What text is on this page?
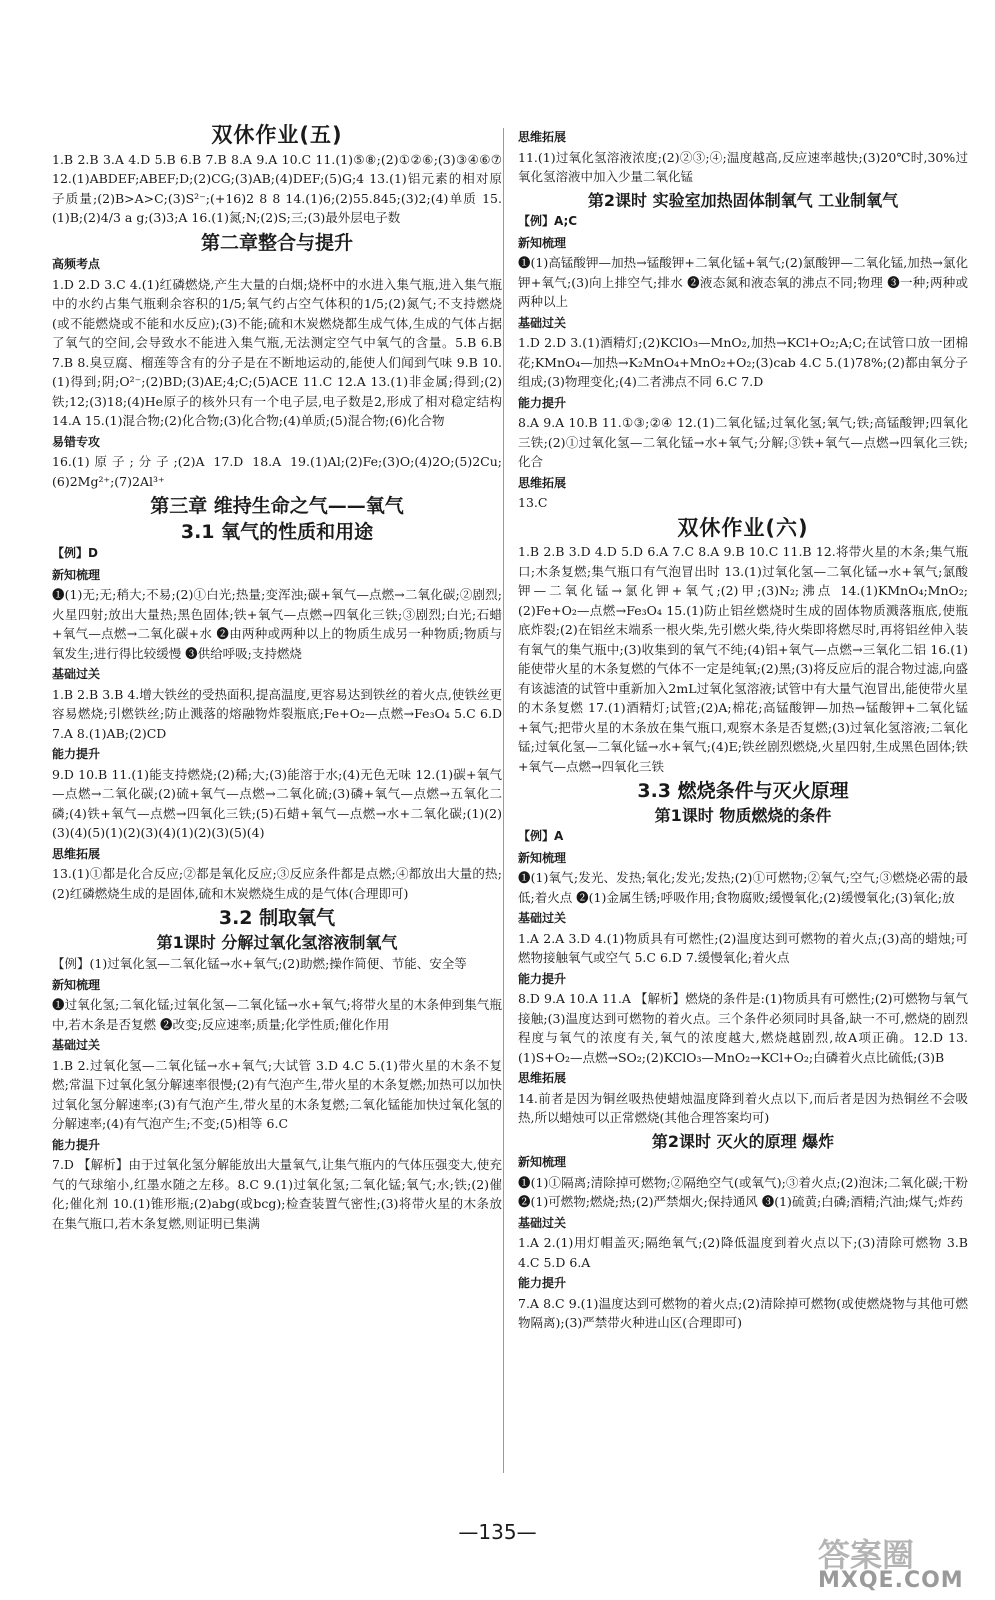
双休作业(五)
1.B 2.B 3.A 4.D 5.B 6.B 7.B 8.A 9.A 10.C 11.(1)⑤⑧;(2)①②⑥;(3)③④⑥⑦ 12.(1)ABDEF;ABEF;D;(2)CG;(3)AB;(4)DEF;(5)G;4 13.(1)铝元素的相对原子质量;(2)B>A>C;(3)S²⁻;(+16)2 8 8 14.(1)6;(2)55.845;(3)2;(4)单质 15.(1)B;(2)4/3 a g;(3)3;A 16.(1)氮;N;(2)S;三;(3)最外层电子数
第二章整合与提升
高频考点
1.D 2.D 3.C 4.(1)红磷燃烧,产生大量的白烟;烧杯中的水进入集气瓶,进入集气瓶中的水约占集气瓶剩余容积的1/5;氧气约占空气体积的1/5;(2)氮气;不支持燃烧(或不能燃烧或不能和水反应);(3)不能;硫和木炭燃烧都生成气体,生成的气体占据了氧气的空间,会导致水不能进入集气瓶,无法测定空气中氧气的含量。5.B 6.B 7.B 8.臭豆腐、榴莲等含有的分子是在不断地运动的,能使人们闻到气味 9.B 10.(1)得到;阴;O²⁻;(2)BD;(3)AE;4;C;(5)ACE 11.C 12.A 13.(1)非金属;得到;(2)铁;12;(3)18;(4)He原子的核外只有一个电子层,电子数是2,形成了相对稳定结构 14.A 15.(1)混合物;(2)化合物;(3)化合物;(4)单质;(5)混合物;(6)化合物
易错专攻
16.(1)原子;分子;(2)A 17.D 18.A 19.(1)Al;(2)Fe;(3)O;(4)2O;(5)2Cu;(6)2Mg²⁺;(7)2Al³⁺
第三章 维持生命之气——氧气
3.1 氧气的性质和用途
【例】D
新知梳理
❶(1)无;无;稍大;不易;(2)①白光;热量;变浑浊;碳+氧气—点燃→二氧化碳;②剧烈;火星四射;放出大量热;黑色固体;铁+氧气—点燃→四氧化三铁;③剧烈;白光;石蜡+氧气—点燃→二氧化碳+水 ❷由两种或两种以上的物质生成另一种物质;物质与氧发生;进行得比较缓慢 ❸供给呼吸;支持燃烧
基础过关
1.B 2.B 3.B 4.增大铁丝的受热面积,提高温度,更容易达到铁丝的着火点,使铁丝更容易燃烧;引燃铁丝;防止溅落的熔融物炸裂瓶底;Fe+O₂—点燃→Fe₃O₄ 5.C 6.D 7.A 8.(1)AB;(2)CD
能力提升
9.D 10.B 11.(1)能支持燃烧;(2)稀;大;(3)能溶于水;(4)无色无味 12.(1)碳+氧气—点燃→二氧化碳;(2)硫+氧气—点燃→二氧化硫;(3)磷+氧气—点燃→五氧化二磷;(4)铁+氧气—点燃→四氧化三铁;(5)石蜡+氧气—点燃→水+二氧化碳;(1)(2)(3)(4)(5)(1)(2)(3)(4)(1)(2)(3)(5)(4)
思维拓展
13.(1)①都是化合反应;②都是氧化反应;③反应条件都是点燃;④都放出大量的热;(2)红磷燃烧生成的是固体,硫和木炭燃烧生成的是气体(合理即可)
3.2 制取氧气
第1课时 分解过氧化氢溶液制氧气
【例】(1)过氧化氢—二氧化锰→水+氧气;(2)助燃;操作简便、节能、安全等
新知梳理
❶过氧化氢;二氧化锰;过氧化氢—二氧化锰→水+氧气;将带火星的木条伸到集气瓶中,若木条是否复燃 ❷改变;反应速率;质量;化学性质;催化作用
基础过关
1.B 2.过氧化氢—二氧化锰→水+氧气;大试管 3.D 4.C 5.(1)带火星的木条不复燃;常温下过氧化氢分解速率很慢;(2)有气泡产生,带火星的木条复燃;加热可以加快过氧化氢分解速率;(3)有气泡产生,带火星的木条复燃;二氧化锰能加快过氧化氢的分解速率;(4)有气泡产生;不变;(5)相等 6.C
能力提升
7.D 【解析】由于过氧化氢分解能放出大量氧气,让集气瓶内的气体压强变大,使充气的气球缩小,红墨水随之左移。8.C 9.(1)过氧化氢;二氧化锰;氧气;水;铁;(2)催化;催化剂 10.(1)锥形瓶;(2)abg(或bcg);检查装置气密性;(3)将带火星的木条放在集气瓶口,若木条复燃,则证明已集满
思维拓展
11.(1)过氧化氢溶液浓度;(2)②③;④;温度越高,反应速率越快;(3)20℃时,30%过氧化氢溶液中加入少量二氧化锰
第2课时 实验室加热固体制氧气 工业制氧气
【例】A;C
新知梳理
❶(1)高锰酸钾—加热→锰酸钾+二氧化锰+氧气;(2)氯酸钾—二氧化锰,加热→氯化钾+氧气;(3)向上排空气;排水 ❷液态氮和液态氧的沸点不同;物理 ❸一种;两种或两种以上
基础过关
1.D 2.D 3.(1)酒精灯;(2)KClO₃—MnO₂,加热→KCl+O₂;A;C;在试管口放一团棉花;KMnO₄—加热→K₂MnO₄+MnO₂+O₂;(3)cab 4.C 5.(1)78%;(2)都由氧分子组成;(3)物理变化;(4)二者沸点不同 6.C 7.D
能力提升
8.A 9.A 10.B 11.①③;②④ 12.(1)二氧化锰;过氧化氢;氧气;铁;高锰酸钾;四氧化三铁;(2)①过氧化氢—二氧化锰→水+氧气;分解;③铁+氧气—点燃→四氧化三铁;化合
思维拓展
13.C
双休作业(六)
1.B 2.B 3.D 4.D 5.D 6.A 7.C 8.A 9.B 10.C 11.B 12.将带火星的木条;集气瓶口;木条复燃;集气瓶口有气泡冒出时 13.(1)过氧化氢—二氧化锰→水+氧气;氯酸钾—二氧化锰→氯化钾+氧气;(2)甲;(3)N₂;沸点 14.(1)KMnO₄;MnO₂;(2)Fe+O₂—点燃→Fe₃O₄ 15.(1)防止铝丝燃烧时生成的固体物质溅落瓶底,使瓶底炸裂;(2)在铝丝末端系一根火柴,先引燃火柴,待火柴即将燃尽时,再将铝丝伸入装有氧气的集气瓶中;(3)收集到的氧气不纯;(4)铝+氧气—点燃→三氧化二铝 16.(1)能使带火星的木条复燃的气体不一定是纯氧;(2)黑;(3)将反应后的混合物过滤,向盛有该滤渣的试管中重新加入2mL过氧化氢溶液;试管中有大量气泡冒出,能使带火星的木条复燃 17.(1)酒精灯;试管;(2)A;棉花;高锰酸钾—加热→锰酸钾+二氧化锰+氧气;把带火星的木条放在集气瓶口,观察木条是否复燃;(3)过氧化氢溶液;二氧化锰;过氧化氢—二氧化锰→水+氧气;(4)E;铁丝剧烈燃烧,火星四射,生成黑色固体;铁+氧气—点燃→四氧化三铁
3.3 燃烧条件与灭火原理
第1课时 物质燃烧的条件
【例】A
新知梳理
❶(1)氧气;发光、发热;氧化;发光;发热;(2)①可燃物;②氧气;空气;③燃烧必需的最低;着火点 ❷(1)金属生锈;呼吸作用;食物腐败;缓慢氧化;(2)缓慢氧化;(3)氧化;放
基础过关
1.A 2.A 3.D 4.(1)物质具有可燃性;(2)温度达到可燃物的着火点;(3)高的蜡烛;可燃物接触氧气或空气 5.C 6.D 7.缓慢氧化;着火点
能力提升
8.D 9.A 10.A 11.A 【解析】燃烧的条件是:(1)物质具有可燃性;(2)可燃物与氧气接触;(3)温度达到可燃物的着火点。三个条件必须同时具备,缺一不可,燃烧的剧烈程度与氧气的浓度有关,氧气的浓度越大,燃烧越剧烈,故A项正确。12.D 13.(1)S+O₂—点燃→SO₂;(2)KClO₃—MnO₂→KCl+O₂;白磷着火点比硫低;(3)B
思维拓展
14.前者是因为铜丝吸热使蜡烛温度降到着火点以下,而后者是因为热铜丝不会吸热,所以蜡烛可以正常燃烧(其他合理答案均可)
第2课时 灭火的原理 爆炸
新知梳理
❶(1)①隔离;清除掉可燃物;②隔绝空气(或氧气);③着火点;(2)泡沫;二氧化碳;干粉 ❷(1)可燃物;燃烧;热;(2)严禁烟火;保持通风 ❸(1)硫黄;白磷;酒精;汽油;煤气;炸药
基础过关
1.A 2.(1)用灯帽盖灭;隔绝氧气;(2)降低温度到着火点以下;(3)清除可燃物 3.B 4.C 5.D 6.A
能力提升
7.A 8.C 9.(1)温度达到可燃物的着火点;(2)清除掉可燃物(或使燃烧物与其他可燃物隔离);(3)严禁带火种进山区(合理即可)
—135—
答案圈
MXQE.COM
